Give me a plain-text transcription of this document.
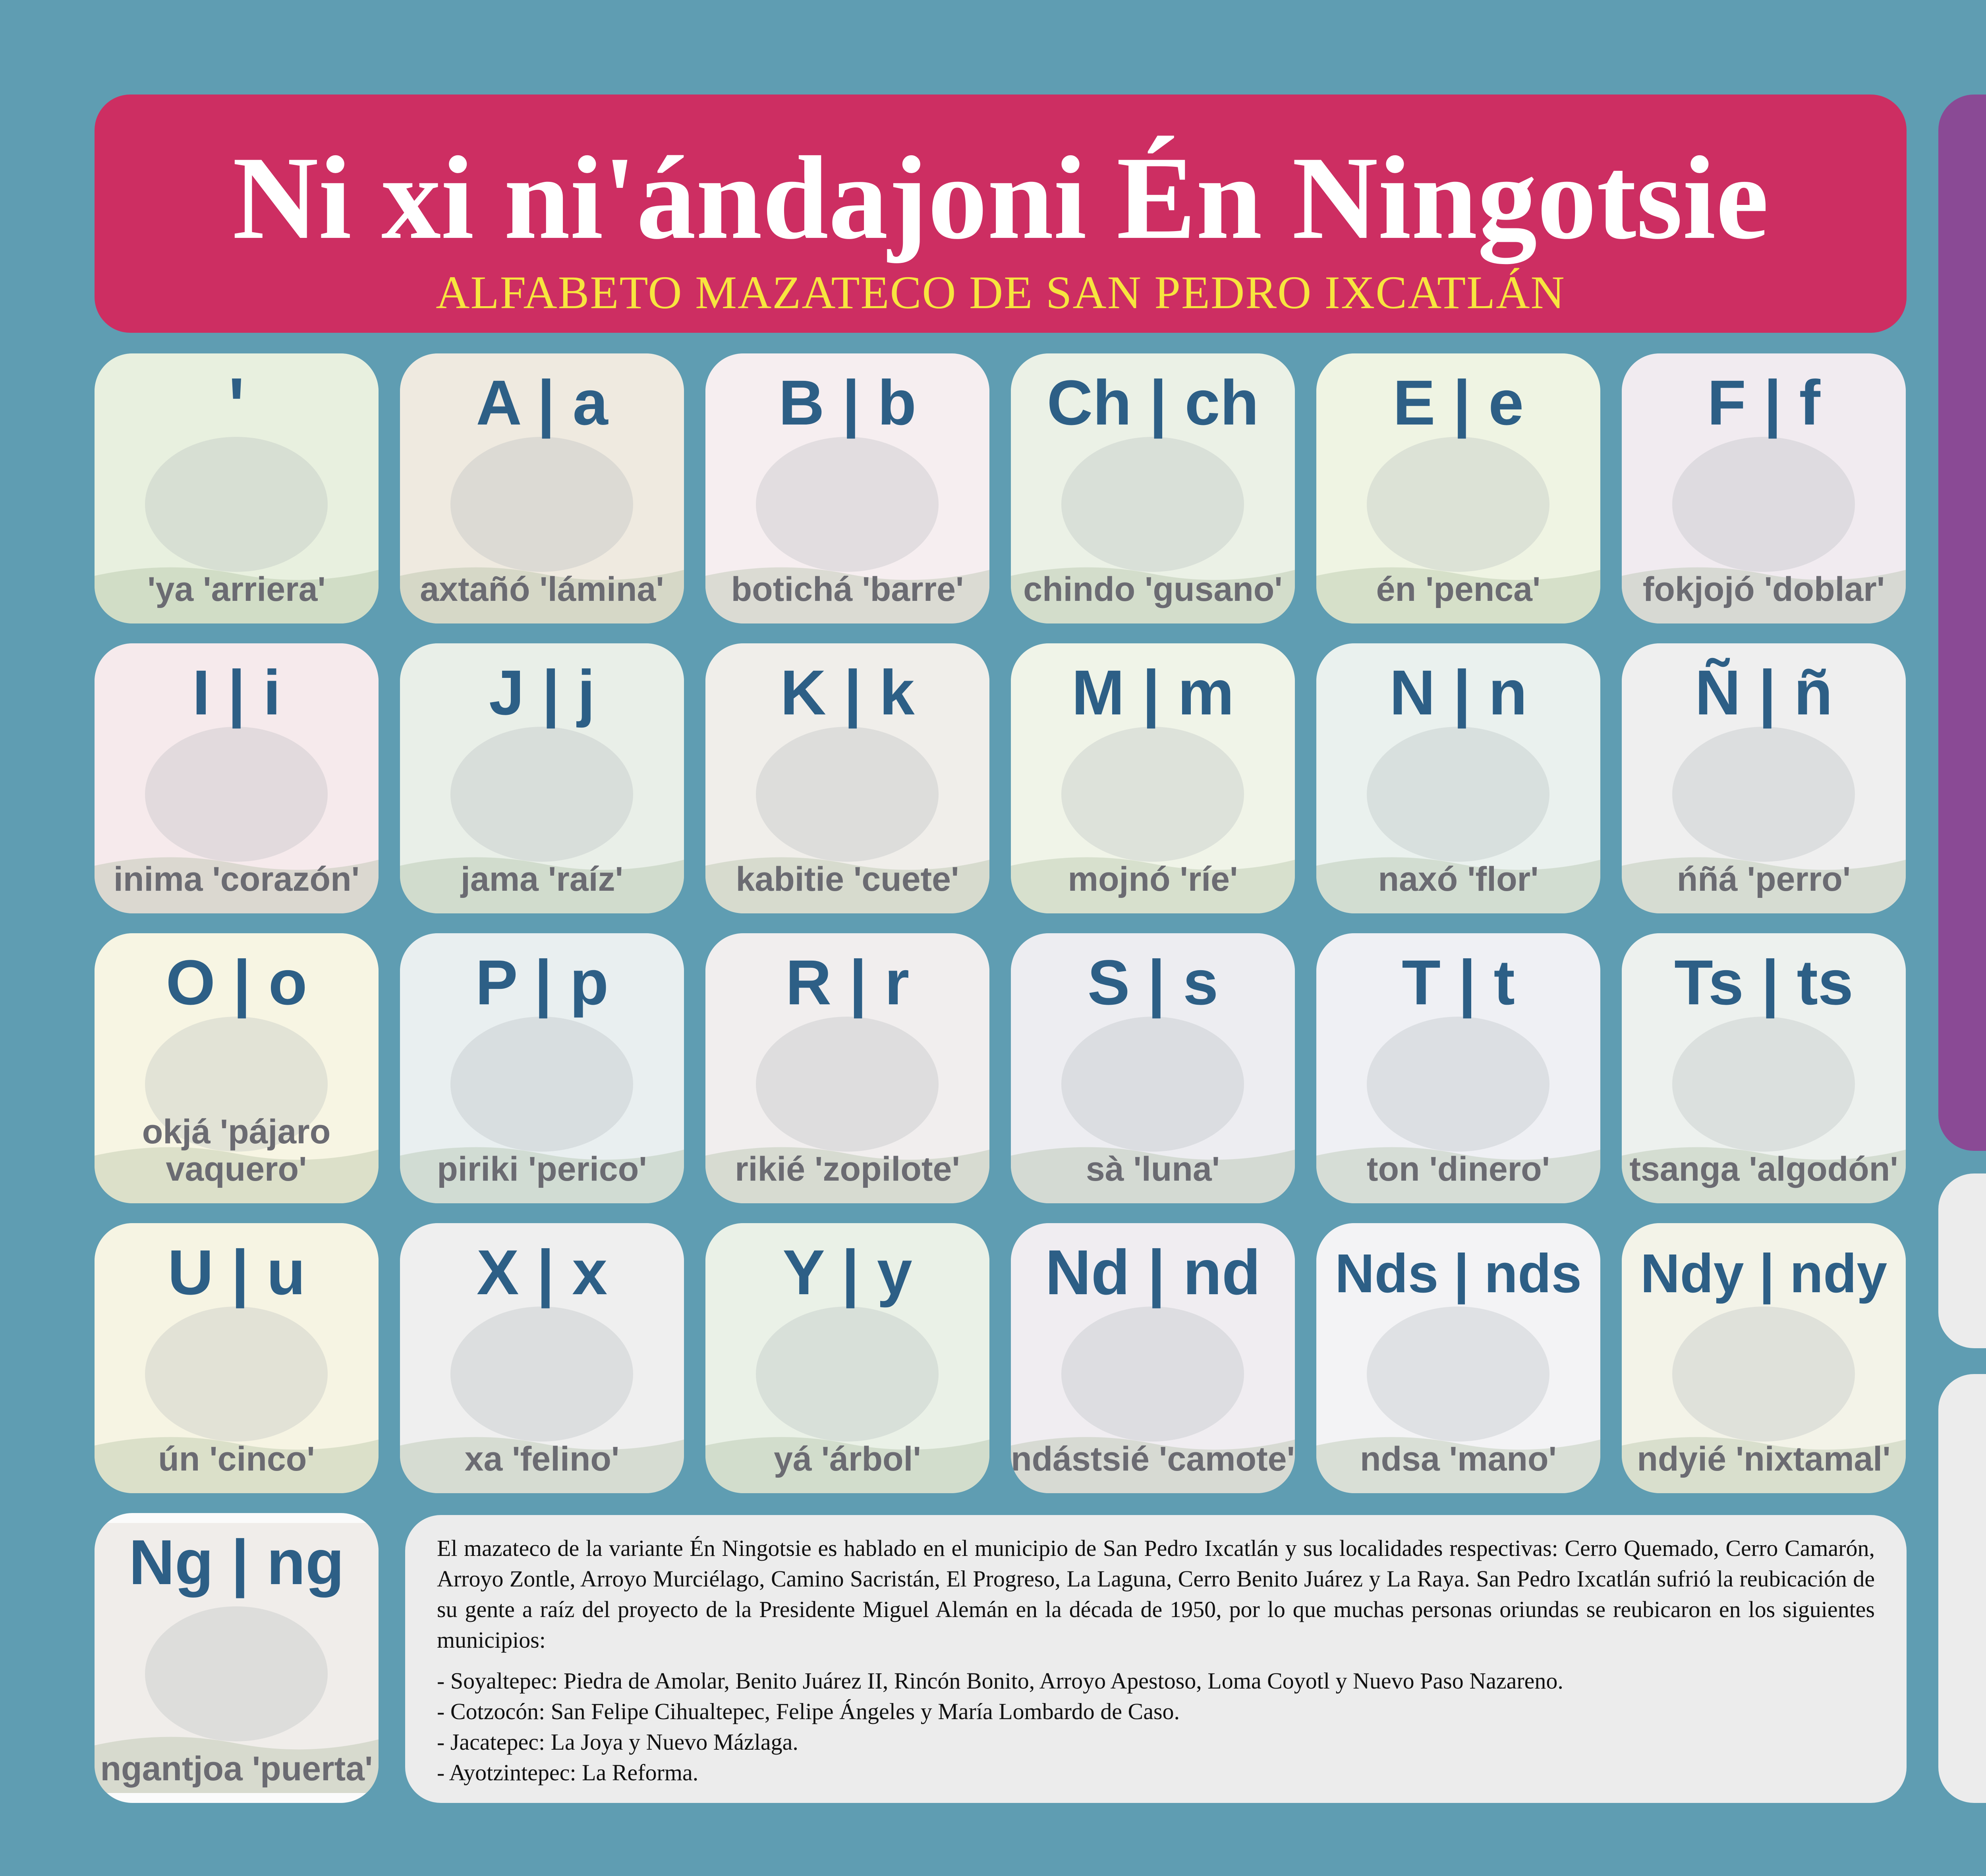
Ni xi ni'ándajoni Én Ningotsie
ALFABETO MAZATECO DE SAN PEDRO IXCATLÁN
ꞌ
'ya 'arriera'
A | a
axtañó 'lámina'
B | b
botichá 'barre'
Ch | ch
chindo 'gusano'
E | e
én 'penca'
F | f
fokjojó 'doblar'
I | i
inima 'corazón'
J | j
jama 'raíz'
K | k
kabitie 'cuete'
M | m
mojnó 'ríe'
N | n
naxó 'flor'
Ñ | ñ
ńñá 'perro'
O | o
okjá 'pájaro vaquero'
P | p
piriki 'perico'
R | r
rikié 'zopilote'
S | s
sà 'luna'
T | t
ton 'dinero'
Ts | ts
tsanga 'algodón'
U | u
ún 'cinco'
X | x
xa 'felino'
Y | y
yá 'árbol'
Nd | nd
ndástsié 'camote'
Nds | nds
ndsa 'mano'
Ndy | ndy
ndyié 'nixtamal'
Ng | ng
ngantjoa 'puerta'
El mazateco de la variante Én Ningotsie es hablado en el municipio de San Pedro Ixcatlán y sus localidades respectivas: Cerro Quemado, Cerro Camarón, Arroyo Zontle, Arroyo Murciélago, Camino Sacristán, El Progreso, La Laguna, Cerro Benito Juárez y La Raya. San Pedro Ixcatlán sufrió la reubicación de su gente a raíz del proyecto de la Presidente Miguel Alemán en la década de 1950, por lo que muchas personas oriundas se reubicaron en los siguientes municipios:
- Soyaltepec: Piedra de Amolar, Benito Juárez II, Rincón Bonito, Arroyo Apestoso, Loma Coyotl y Nuevo Paso Nazareno.
- Cotzocón: San Felipe Cihualtepec, Felipe Ángeles y María Lombardo de Caso.
- Jacatepec: La Joya y Nuevo Mázlaga.
- Ayotzintepec: La Reforma.
